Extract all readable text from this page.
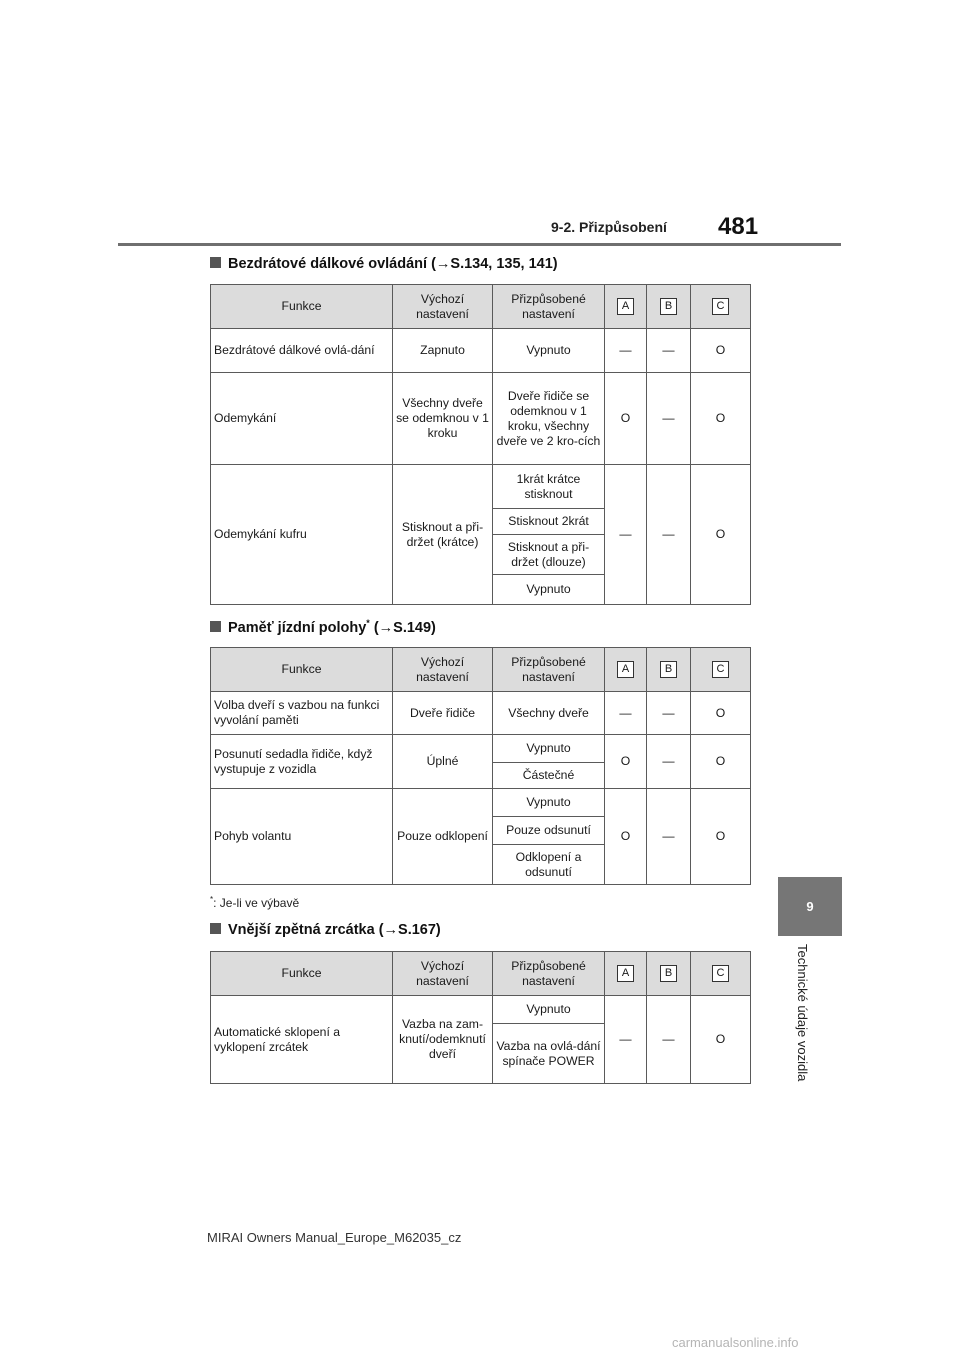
9-2. Přizpůsobení 481
9
Technické údaje vozidla
Bezdrátové dálkové ovládání (→S.134, 135, 141)
Funkce	Výchozí nastavení	Přizpůsobené nastavení	A	B	C
Bezdrátové dálkové ovlá-dání	Zapnuto	Vypnuto	—	—	O
Odemykání	Všechny dveře se odemknou v 1 kroku	Dveře řidiče se odemknou v 1 kroku, všechny dveře ve 2 kro-cích	O	—	O
Odemykání kufru	Stisknout a při-držet (krátce)	1krát krátce stisknout	—	—	O
		Stisknout 2krát			
		Stisknout a při-držet (dlouze)			
		Vypnuto			
Paměť jízdní polohy* (→S.149)
Funkce	Výchozí nastavení	Přizpůsobené nastavení	A	B	C
Volba dveří s vazbou na funkci vyvolání paměti	Dveře řidiče	Všechny dveře	—	—	O
Posunutí sedadla řidiče, když vystupuje z vozidla	Úplné	Vypnuto	O	—	O
		Částečné			
Pohyb volantu	Pouze odklopení	Vypnuto	O	—	O
		Pouze odsunutí			
		Odklopení a odsunutí			
*: Je-li ve výbavě
Vnější zpětná zrcátka (→S.167)
Funkce	Výchozí nastavení	Přizpůsobené nastavení	A	B	C
Automatické sklopení a vyklopení zrcátek	Vazba na zam-knutí/odemknutí dveří	Vypnuto	—	—	O
		Vazba na ovlá-dání spínače POWER			
MIRAI Owners Manual_Europe_M62035_cz
carmanualsonline.info
